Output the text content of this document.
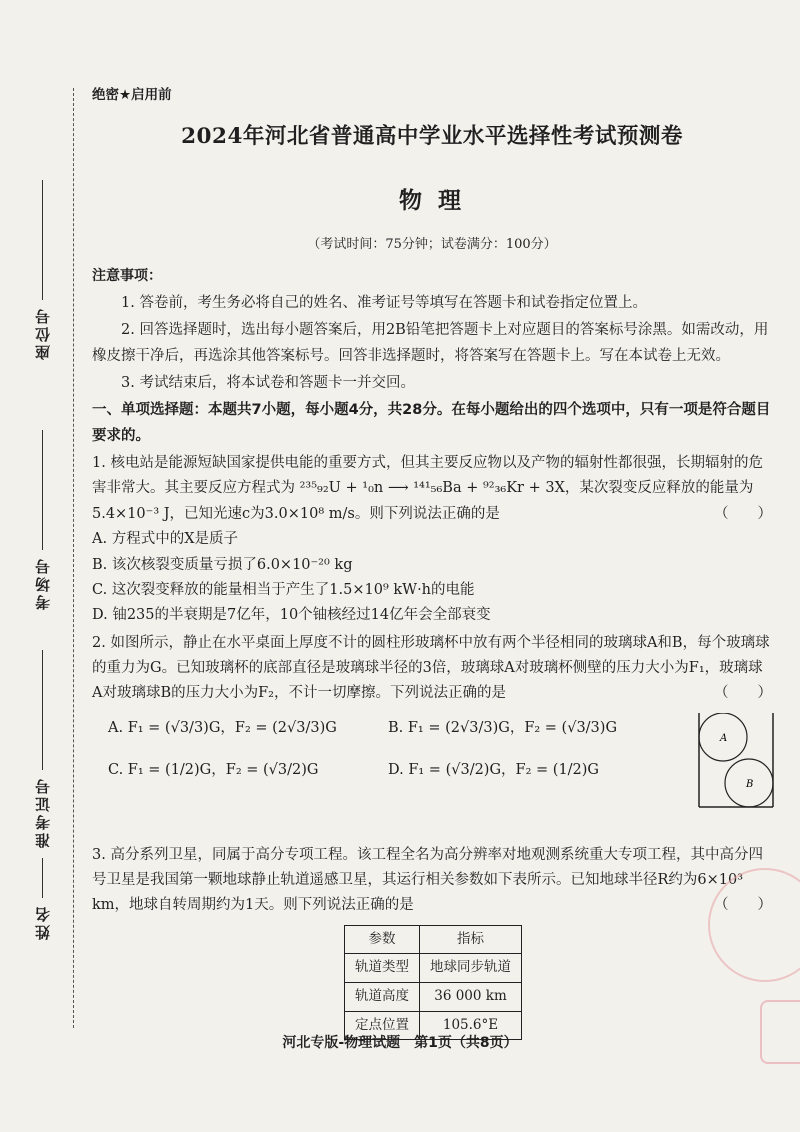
座位号
考场号
准考证号
姓名
绝密★启用前
2024年河北省普通高中学业水平选择性考试预测卷
物 理
（考试时间：75分钟；试卷满分：100分）
注意事项：

1. 答卷前，考生务必将自己的姓名、准考证号等填写在答题卡和试卷指定位置上。

2. 回答选择题时，选出每小题答案后，用2B铅笔把答题卡上对应题目的答案标号涂黑。如需改动，用橡皮擦干净后，再选涂其他答案标号。回答非选择题时，将答案写在答题卡上。写在本试卷上无效。

3. 考试结束后，将本试卷和答题卡一并交回。

一、单项选择题：本题共7小题，每小题4分，共28分。在每小题给出的四个选项中，只有一项是符合题目要求的。

1. 核电站是能源短缺国家提供电能的重要方式，但其主要反应物以及产物的辐射性都很强，长期辐射的危害非常大。其主要反应方程式为 ²³⁵₉₂U + ¹₀n ⟶ ¹⁴¹₅₆Ba + ⁹²₃₆Kr + 3X，某次裂变反应释放的能量为5.4×10⁻³ J，已知光速c为3.0×10⁸ m/s。则下列说法正确的是	（　　）

A. 方程式中的X是质子

B. 该次核裂变质量亏损了6.0×10⁻²⁰ kg

C. 这次裂变释放的能量相当于产生了1.5×10⁹ kW·h的电能

D. 铀235的半衰期是7亿年，10个铀核经过14亿年会全部衰变

2. 如图所示，静止在水平桌面上厚度不计的圆柱形玻璃杯中放有两个半径相同的玻璃球A和B，每个玻璃球的重力为G。已知玻璃杯的底部直径是玻璃球半径的3倍，玻璃球A对玻璃杯侧壁的压力大小为F₁，玻璃球A对玻璃球B的压力大小为F₂，不计一切摩擦。下列说法正确的是	（　　）

A. F₁ = (√3/3)G，F₂ = (2√3/3)G	B. F₁ = (2√3/3)G，F₂ = (√3/3)G
C. F₁ = (1/2)G，F₂ = (√3/2)G	D. F₁ = (√3/2)G，F₂ = (1/2)G
A
B

3. 高分系列卫星，同属于高分专项工程。该工程全名为高分辨率对地观测系统重大专项工程，其中高分四号卫星是我国第一颗地球静止轨道遥感卫星，其运行相关参数如下表所示。已知地球半径R约为6×10³ km，地球自转周期约为1天。则下列说法正确的是	（　　）

参数	指标
轨道类型	地球同步轨道
轨道高度	36 000 km
定点位置	105.6°E
河北专版-物理试题　第1页（共8页）
